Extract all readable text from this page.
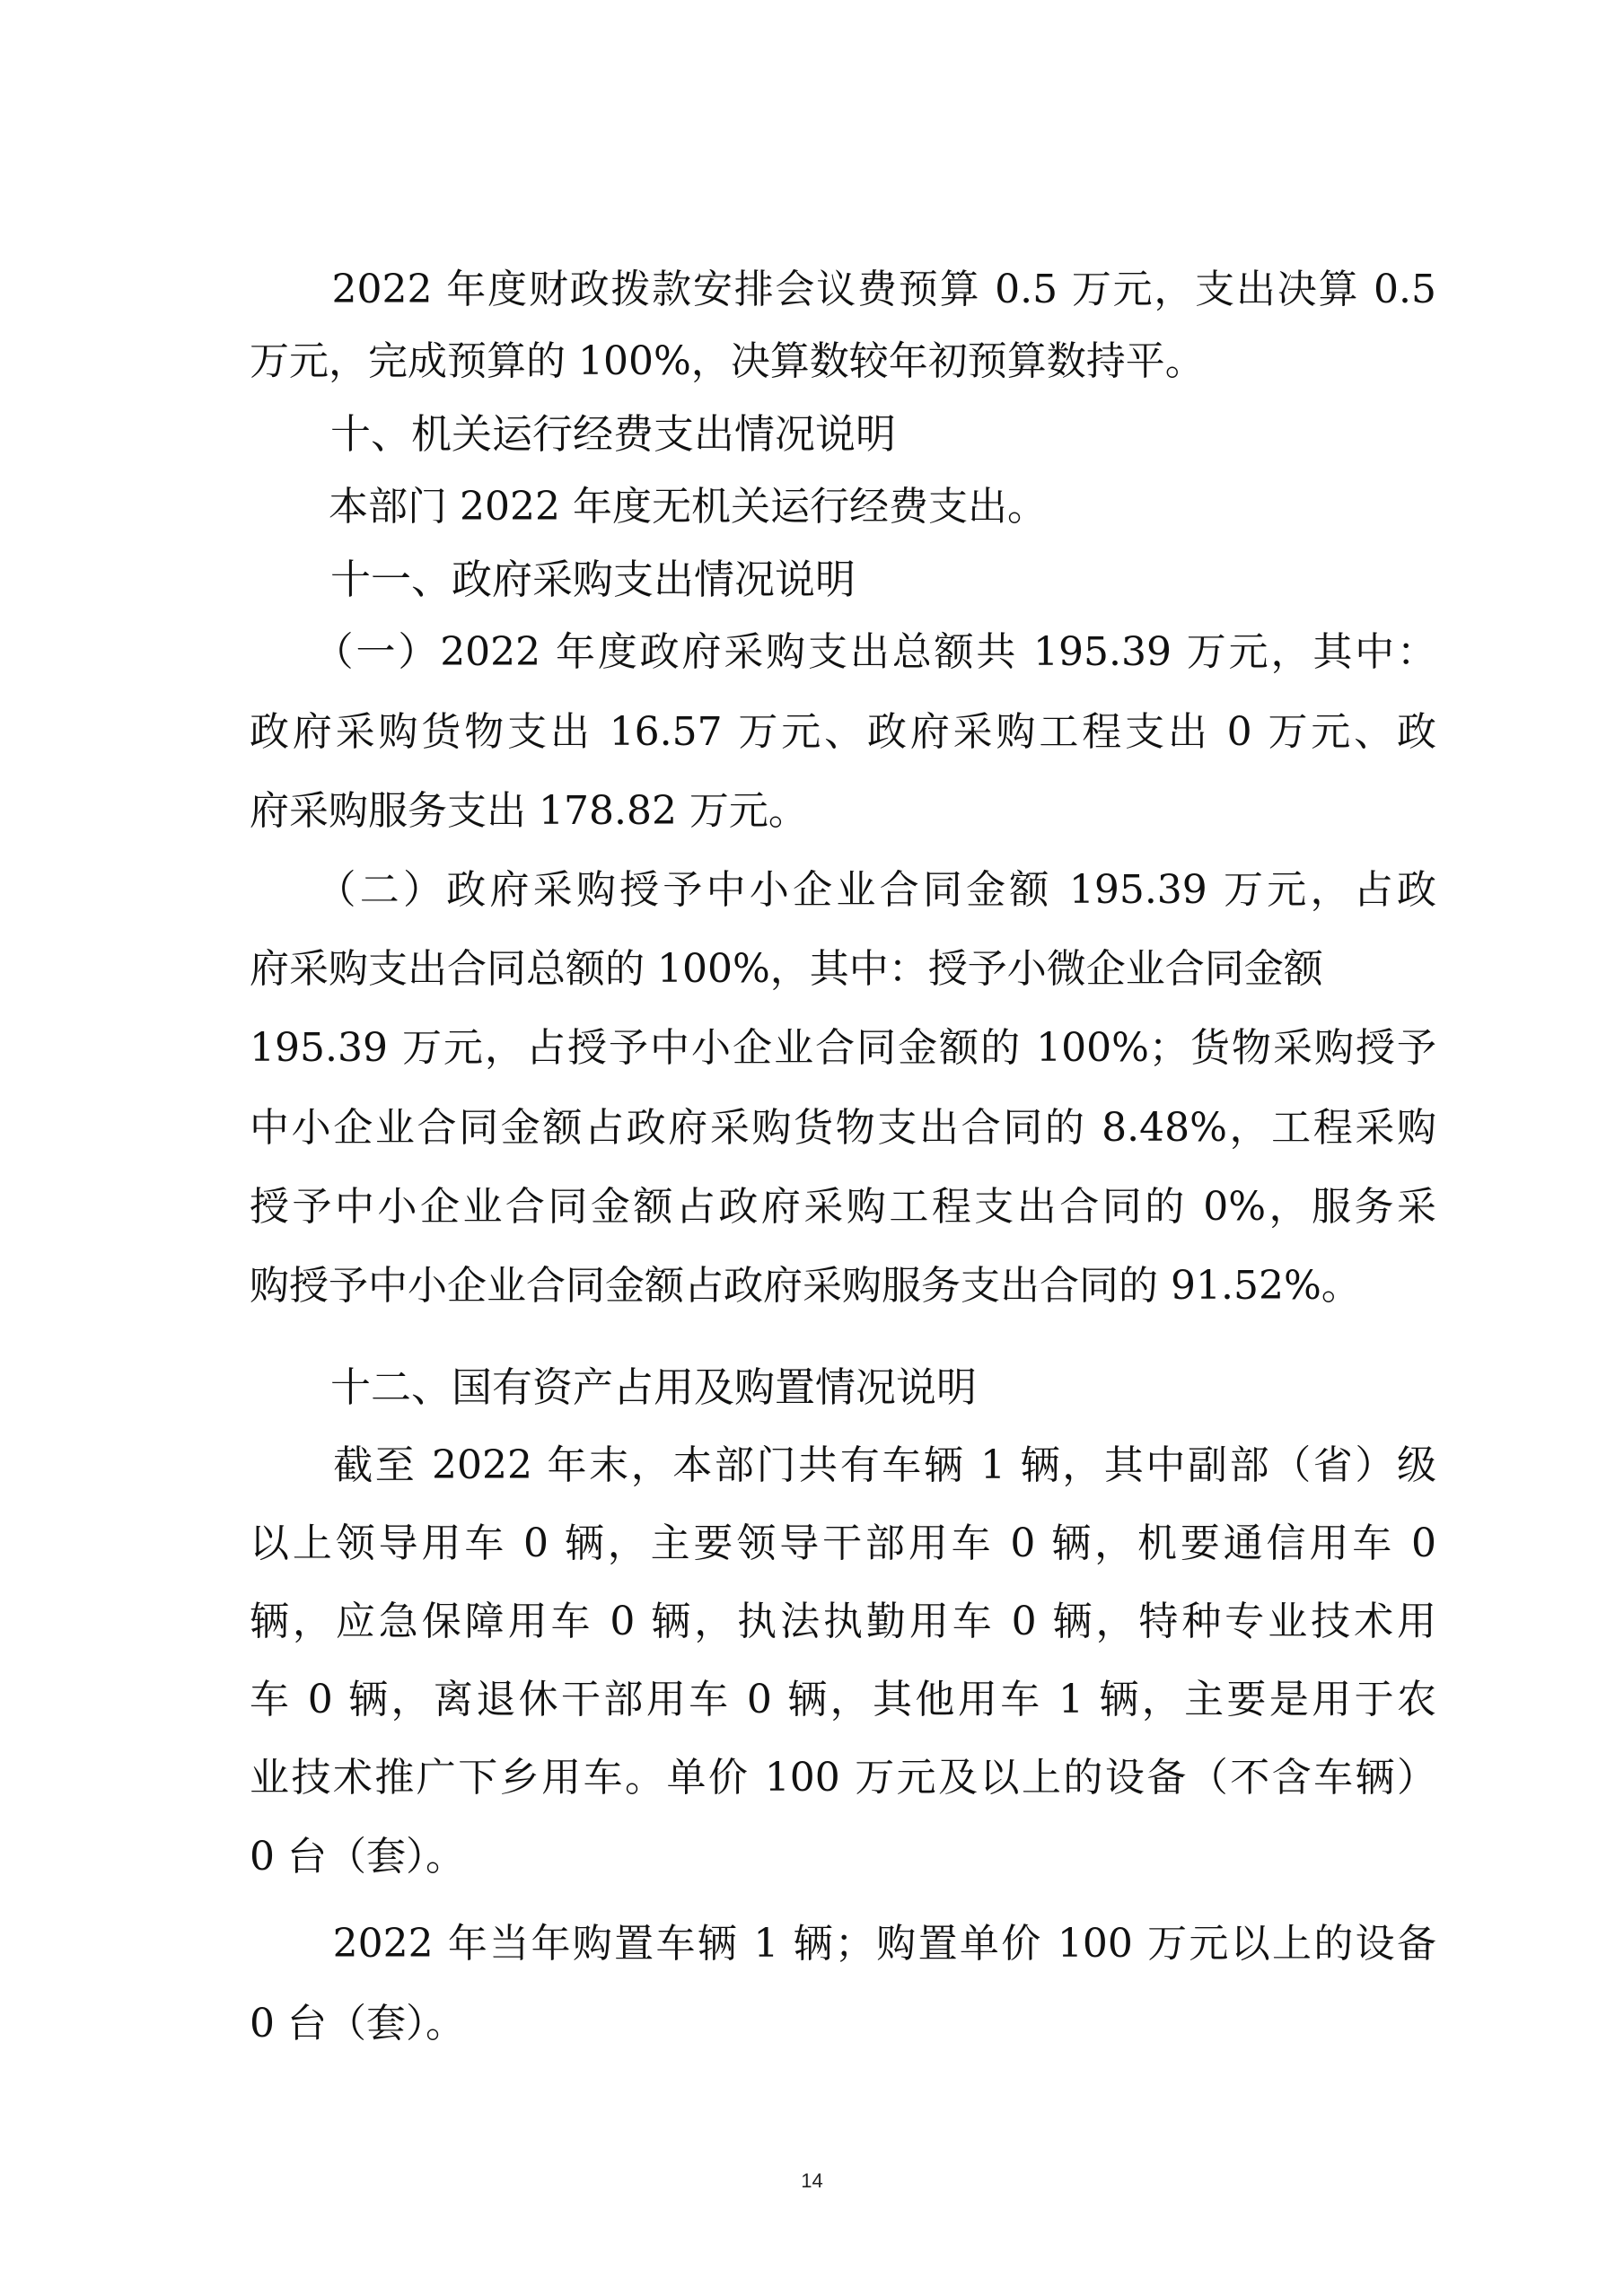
　　2022 年度财政拨款安排会议费预算 0.5 万元，支出决算 0.5
万元，完成预算的 100%，决算数较年初预算数持平。
　　十、机关运行经费支出情况说明
　　本部门 2022 年度无机关运行经费支出。
　　十一、政府采购支出情况说明
　　（一）2022 年度政府采购支出总额共 195.39 万元，其中：
政府采购货物支出 16.57 万元、政府采购工程支出 0 万元、政
府采购服务支出 178.82 万元。
　　（二）政府采购授予中小企业合同金额 195.39 万元，占政
府采购支出合同总额的 100%，其中：授予小微企业合同金额
195.39 万元，占授予中小企业合同金额的 100%；货物采购授予
中小企业合同金额占政府采购货物支出合同的 8.48%，工程采购
授予中小企业合同金额占政府采购工程支出合同的 0%，服务采
购授予中小企业合同金额占政府采购服务支出合同的 91.52%。
　　十二、国有资产占用及购置情况说明
　　截至 2022 年末，本部门共有车辆 1 辆，其中副部（省）级
以上领导用车 0 辆，主要领导干部用车 0 辆，机要通信用车 0
辆，应急保障用车 0 辆，执法执勤用车 0 辆，特种专业技术用
车 0 辆，离退休干部用车 0 辆，其他用车 1 辆，主要是用于农
业技术推广下乡用车。单价 100 万元及以上的设备（不含车辆）
0 台（套）。
　　2022 年当年购置车辆 1 辆；购置单价 100 万元以上的设备
0 台（套）。
14
